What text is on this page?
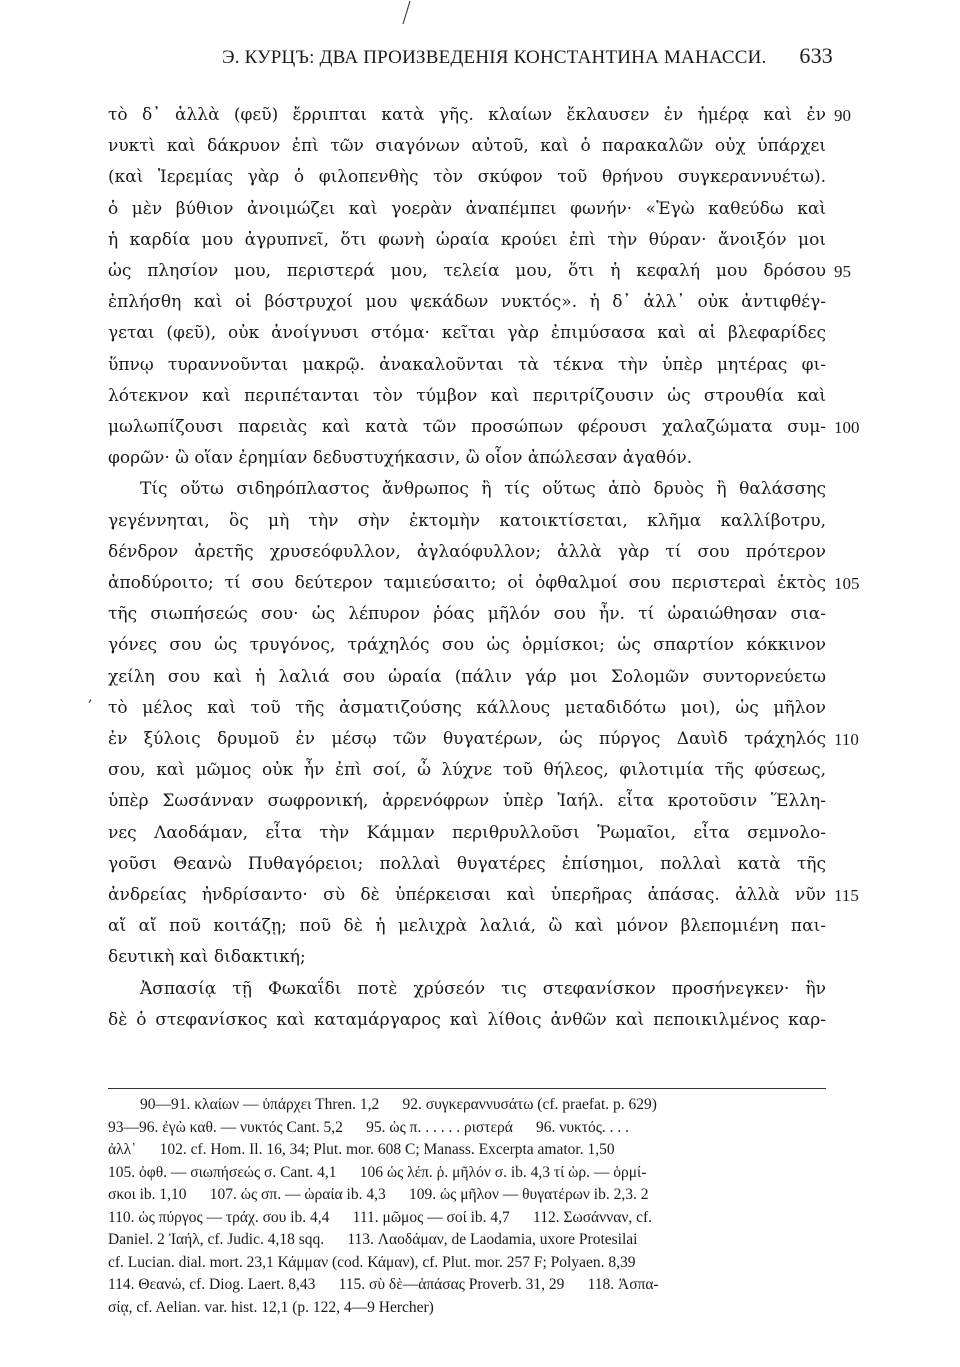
Э. КУРЦЪ: ДВА ПРОИЗВЕДЕНІЯ КОНСТАНТИНА МАНАССИ. 633
,
τὸ δ᾽ ἀλλὰ (φεῦ) ἔρριπται κατὰ γῆς. κλαίων ἔκλαυσεν ἐν ἡμέρᾳ καὶ ἐν 90
νυκτὶ καὶ δάκρυον ἐπὶ τῶν σιαγόνων αὐτοῦ, καὶ ὁ παρακαλῶν οὐχ ὑπάρχει
(καὶ Ἱερεμίας γὰρ ὁ φιλοπενθὴς τὸν σκύφον τοῦ θρήνου συγκεραννυέτω).
ὁ μὲν βύθιον ἀνοιμώζει καὶ γοερὰν ἀναπέμπει φωνήν· «Ἐγὼ καθεύδω καὶ
ἡ καρδία μου ἀγρυπνεῖ, ὅτι φωνὴ ὡραία κρούει ἐπὶ τὴν θύραν· ἄνοιξόν μοι
ὡς πλησίον μου, περιστερά μου, τελεία μου, ὅτι ἡ κεφαλή μου δρόσου 95
ἐπλήσθη καὶ οἱ βόστρυχοί μου ψεκάδων νυκτός». ἡ δ᾽ ἀλλ᾽ οὐκ ἀντιφθέγ-
γεται (φεῦ), οὐκ ἀνοίγνυσι στόμα· κεῖται γὰρ ἐπιμύσασα καὶ αἱ βλεφαρίδες
ὕπνῳ τυραννοῦνται μακρῷ. ἀνακαλοῦνται τὰ τέκνα τὴν ὑπὲρ μητέρας φι-
λότεκνον καὶ περιπέτανται τὸν τύμβον καὶ περιτρίζουσιν ὡς στρουθία καὶ
μωλωπίζουσι παρειὰς καὶ κατὰ τῶν προσώπων φέρουσι χαλαζώματα συμ- 100
φορῶν· ὢ οἵαν ἐρημίαν δεδυστυχήκασιν, ὢ οἷον ἀπώλεσαν ἀγαθόν.
Τίς οὕτω σιδηρόπλαστος ἄνθρωπος ἢ τίς οὕτως ἀπὸ δρυὸς ἢ θαλάσσης
γεγέννηται, ὃς μὴ τὴν σὴν ἐκτομὴν κατοικτίσεται, κλῆμα καλλίβοτρυ,
δένδρον ἀρετῆς χρυσεόφυλλον, ἀγλαόφυλλον; ἀλλὰ γὰρ τί σου πρότερον
ἀποδύροιτο; τί σου δεύτερον ταμιεύσαιτο; οἱ ὀφθαλμοί σου περιστεραὶ ἐκτὸς 105
τῆς σιωπήσεώς σου· ὡς λέπυρον ῥόας μῆλόν σου ἦν. τί ὡραιώθησαν σια-
γόνες σου ὡς τρυγόνος, τράχηλός σου ὡς ὁρμίσκοι; ὡς σπαρτίον κόκκινον
χείλη σου καὶ ἡ λαλιά σου ὡραία (πάλιν γάρ μοι Σολομῶν συντορνεύετω
τὸ μέλος καὶ τοῦ τῆς ἀσματιζούσης κάλλους μεταδιδότω μοι), ὡς μῆλον
ἐν ξύλοις δρυμοῦ ἐν μέσῳ τῶν θυγατέρων, ὡς πύργος Δαυὶδ τράχηλός 110
σου, καὶ μῶμος οὐκ ἦν ἐπὶ σοί, ὦ λύχνε τοῦ θήλεος, φιλοτιμία τῆς φύσεως,
ὑπὲρ Σωσάνναν σωφρονική, ἀρρενόφρων ὑπὲρ Ἰαήλ. εἶτα κροτοῦσιν Ἕλλη-
νες Λαοδάμαν, εἶτα τὴν Κάμμαν περιθρυλλοῦσι Ῥωμαῖοι, εἶτα σεμνολο-
γοῦσι Θεανὼ Πυθαγόρειοι; πολλαὶ θυγατέρες ἐπίσημοι, πολλαὶ κατὰ τῆς
ἀνδρείας ἠνδρίσαντο· σὺ δὲ ὑπέρκεισαι καὶ ὑπερῆρας ἁπάσας. ἀλλὰ νῦν 115
αἴ αἴ ποῦ κοιτάζῃ; ποῦ δὲ ἡ μελιχρὰ λαλιά, ὢ καὶ μόνον βλεπομιένη παι-
δευτικὴ καὶ διδακτική;
Ἀσπασίᾳ τῇ Φωκαΐδι ποτὲ χρύσεόν τις στεφανίσκον προσήνεγκεν· ἣν
δὲ ὁ στεφανίσκος καὶ καταμάργαρος καὶ λίθοις ἀνθῶν καὶ πεποικιλμένος καρ-
90—91. κλαίων — ὑπάρχει Thren. 1,2      92. συγκεραννυσάτω (cf. praefat. p. 629)
93—96. ἐγὼ καθ. — νυκτός Cant. 5,2      95. ὡς π. . . . . . ριστερά      96. νυκτός. . . .
ἀλλ᾽      102. cf. Hom. Il. 16, 34; Plut. mor. 608 C; Manass. Excerpta amator. 1,50
105. ὀφθ. — σιωπήσεώς σ. Cant. 4,1      106 ὡς λέπ. ῥ. μῆλόν σ. ib. 4,3 τί ὡρ. — ὁρμί-
σκοι ib. 1,10      107. ὡς σπ. — ὡραία ib. 4,3      109. ὡς μῆλον — θυγατέρων ib. 2,3. 2
110. ὡς πύργος — τράχ. σου ib. 4,4      111. μῶμος — σοί ib. 4,7      112. Σωσάνναν, cf.
Daniel. 2 Ἰαήλ, cf. Judic. 4,18 sqq.      113. Λαοδάμαν, de Laodamia, uxore Protesilai
cf. Lucian. dial. mort. 23,1 Κάμμαν (cod. Κάμαν), cf. Plut. mor. 257 F; Polyaen. 8,39
114. Θεανώ, cf. Diog. Laert. 8,43      115. σὺ δὲ—ἁπάσας Proverb. 31, 29      118. Ἀσπα-
σίᾳ, cf. Aelian. var. hist. 12,1 (p. 122, 4—9 Hercher)
